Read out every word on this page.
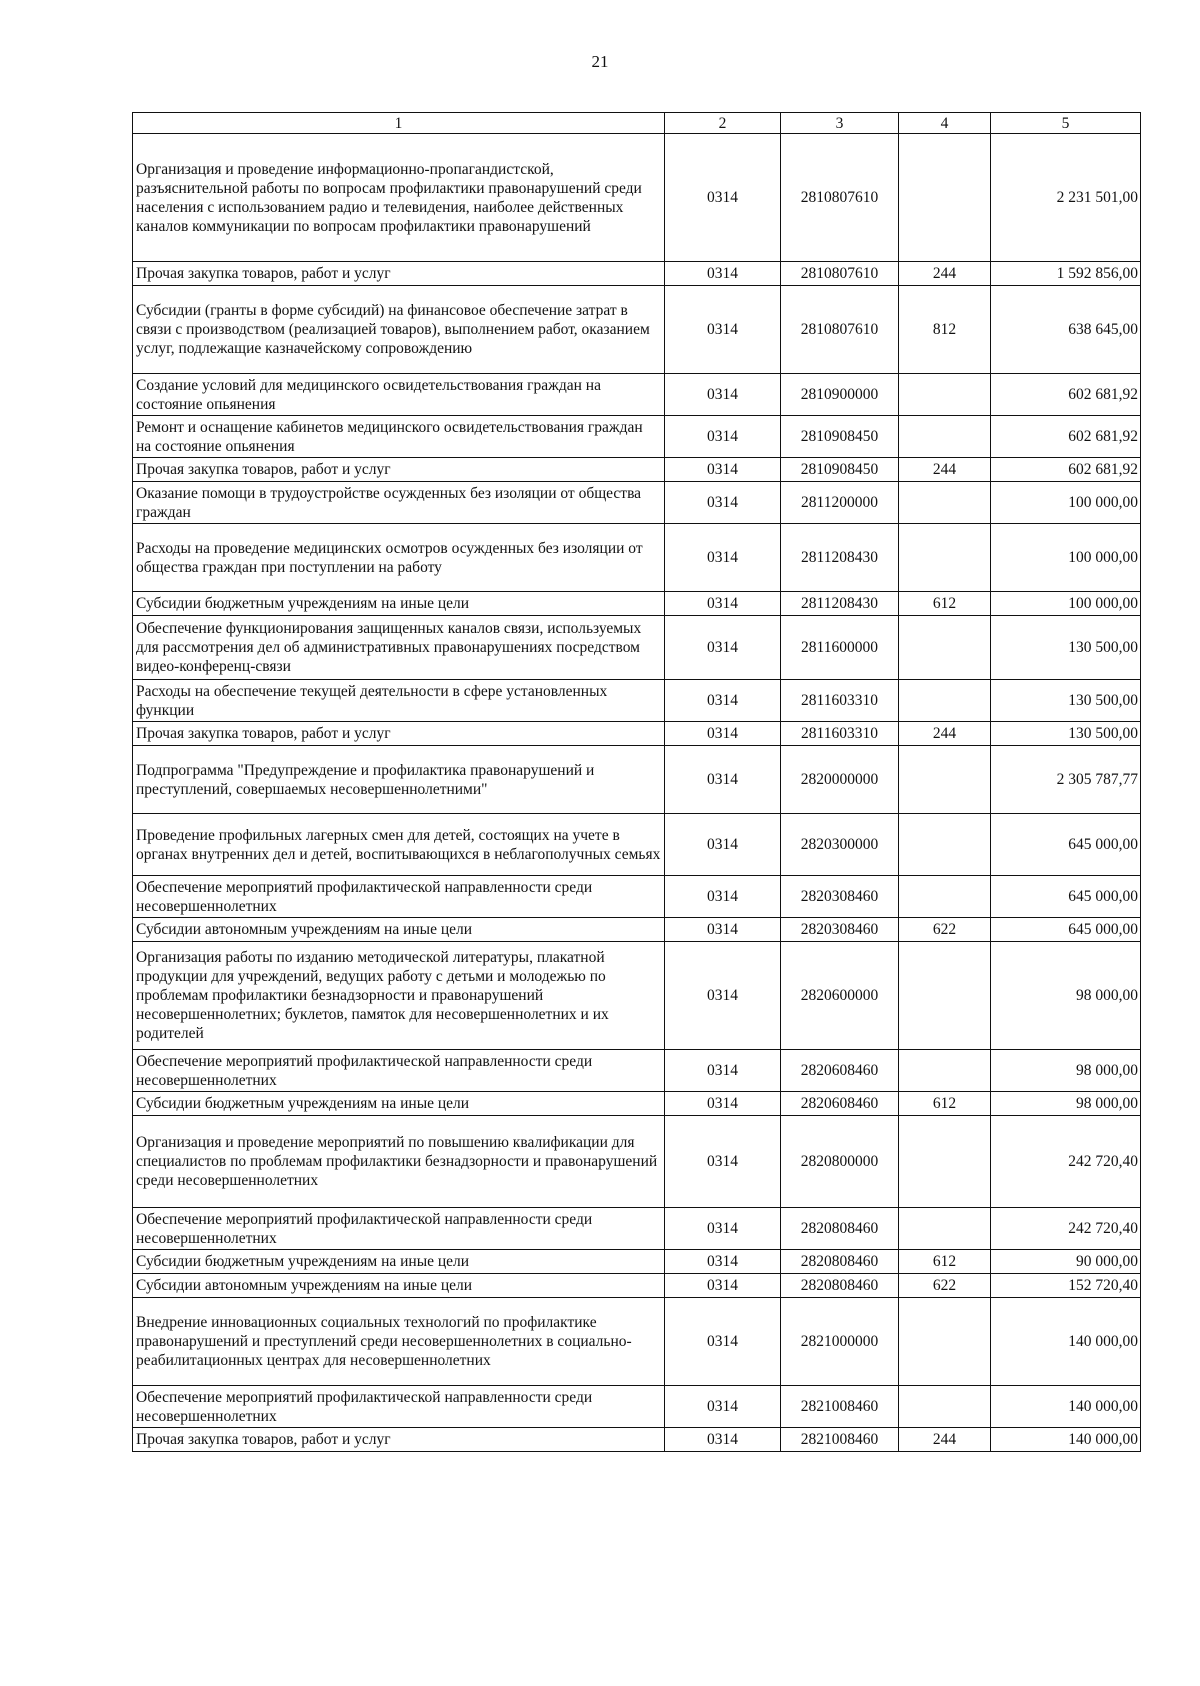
21
1	2	3	4	5
Организация и проведение информационно-пропагандистской, разъяснительной работы по вопросам профилактики правонарушений среди населения с использованием радио и телевидения, наиболее действенных каналов коммуникации по вопросам профилактики правонарушений	0314	2810807610		2 231 501,00
Прочая закупка товаров, работ и услуг	0314	2810807610	244	1 592 856,00
Субсидии (гранты в форме субсидий) на финансовое обеспечение затрат в связи с производством (реализацией товаров), выполнением работ, оказанием услуг, подлежащие казначейскому сопровождению	0314	2810807610	812	638 645,00
Создание условий для медицинского освидетельствования граждан на состояние опьянения	0314	2810900000		602 681,92
Ремонт и оснащение кабинетов медицинского освидетельствования граждан на состояние опьянения	0314	2810908450		602 681,92
Прочая закупка товаров, работ и услуг	0314	2810908450	244	602 681,92
Оказание помощи в трудоустройстве осужденных без изоляции от общества граждан	0314	2811200000		100 000,00
Расходы на проведение медицинских осмотров осужденных без изоляции от общества граждан при поступлении на работу	0314	2811208430		100 000,00
Субсидии бюджетным учреждениям на иные цели	0314	2811208430	612	100 000,00
Обеспечение функционирования защищенных каналов связи, используемых для рассмотрения дел об административных правонарушениях посредством видео-конференц-связи	0314	2811600000		130 500,00
Расходы на обеспечение текущей деятельности в сфере установленных функции	0314	2811603310		130 500,00
Прочая закупка товаров, работ и услуг	0314	2811603310	244	130 500,00
Подпрограмма "Предупреждение и профилактика правонарушений и преступлений, совершаемых несовершеннолетними"	0314	2820000000		2 305 787,77
Проведение профильных лагерных смен для детей, состоящих на учете в органах внутренних дел и детей, воспитывающихся в неблагополучных семьях	0314	2820300000		645 000,00
Обеспечение мероприятий профилактической направленности среди несовершеннолетних	0314	2820308460		645 000,00
Субсидии автономным учреждениям на иные цели	0314	2820308460	622	645 000,00
Организация работы по изданию методической литературы, плакатной продукции для учреждений, ведущих работу с детьми и молодежью по проблемам профилактики безнадзорности и правонарушений несовершеннолетних; буклетов, памяток для несовершеннолетних и их родителей	0314	2820600000		98 000,00
Обеспечение мероприятий профилактической направленности среди несовершеннолетних	0314	2820608460		98 000,00
Субсидии бюджетным учреждениям на иные цели	0314	2820608460	612	98 000,00
Организация и проведение мероприятий по повышению квалификации для специалистов по проблемам профилактики безнадзорности и правонарушений среди несовершеннолетних	0314	2820800000		242 720,40
Обеспечение мероприятий профилактической направленности среди несовершеннолетних	0314	2820808460		242 720,40
Субсидии бюджетным учреждениям на иные цели	0314	2820808460	612	90 000,00
Субсидии автономным учреждениям на иные цели	0314	2820808460	622	152 720,40
Внедрение инновационных социальных технологий по профилактике правонарушений и преступлений среди несовершеннолетних в социально-реабилитационных центрах для несовершеннолетних	0314	2821000000		140 000,00
Обеспечение мероприятий профилактической направленности среди несовершеннолетних	0314	2821008460		140 000,00
Прочая закупка товаров, работ и услуг	0314	2821008460	244	140 000,00
